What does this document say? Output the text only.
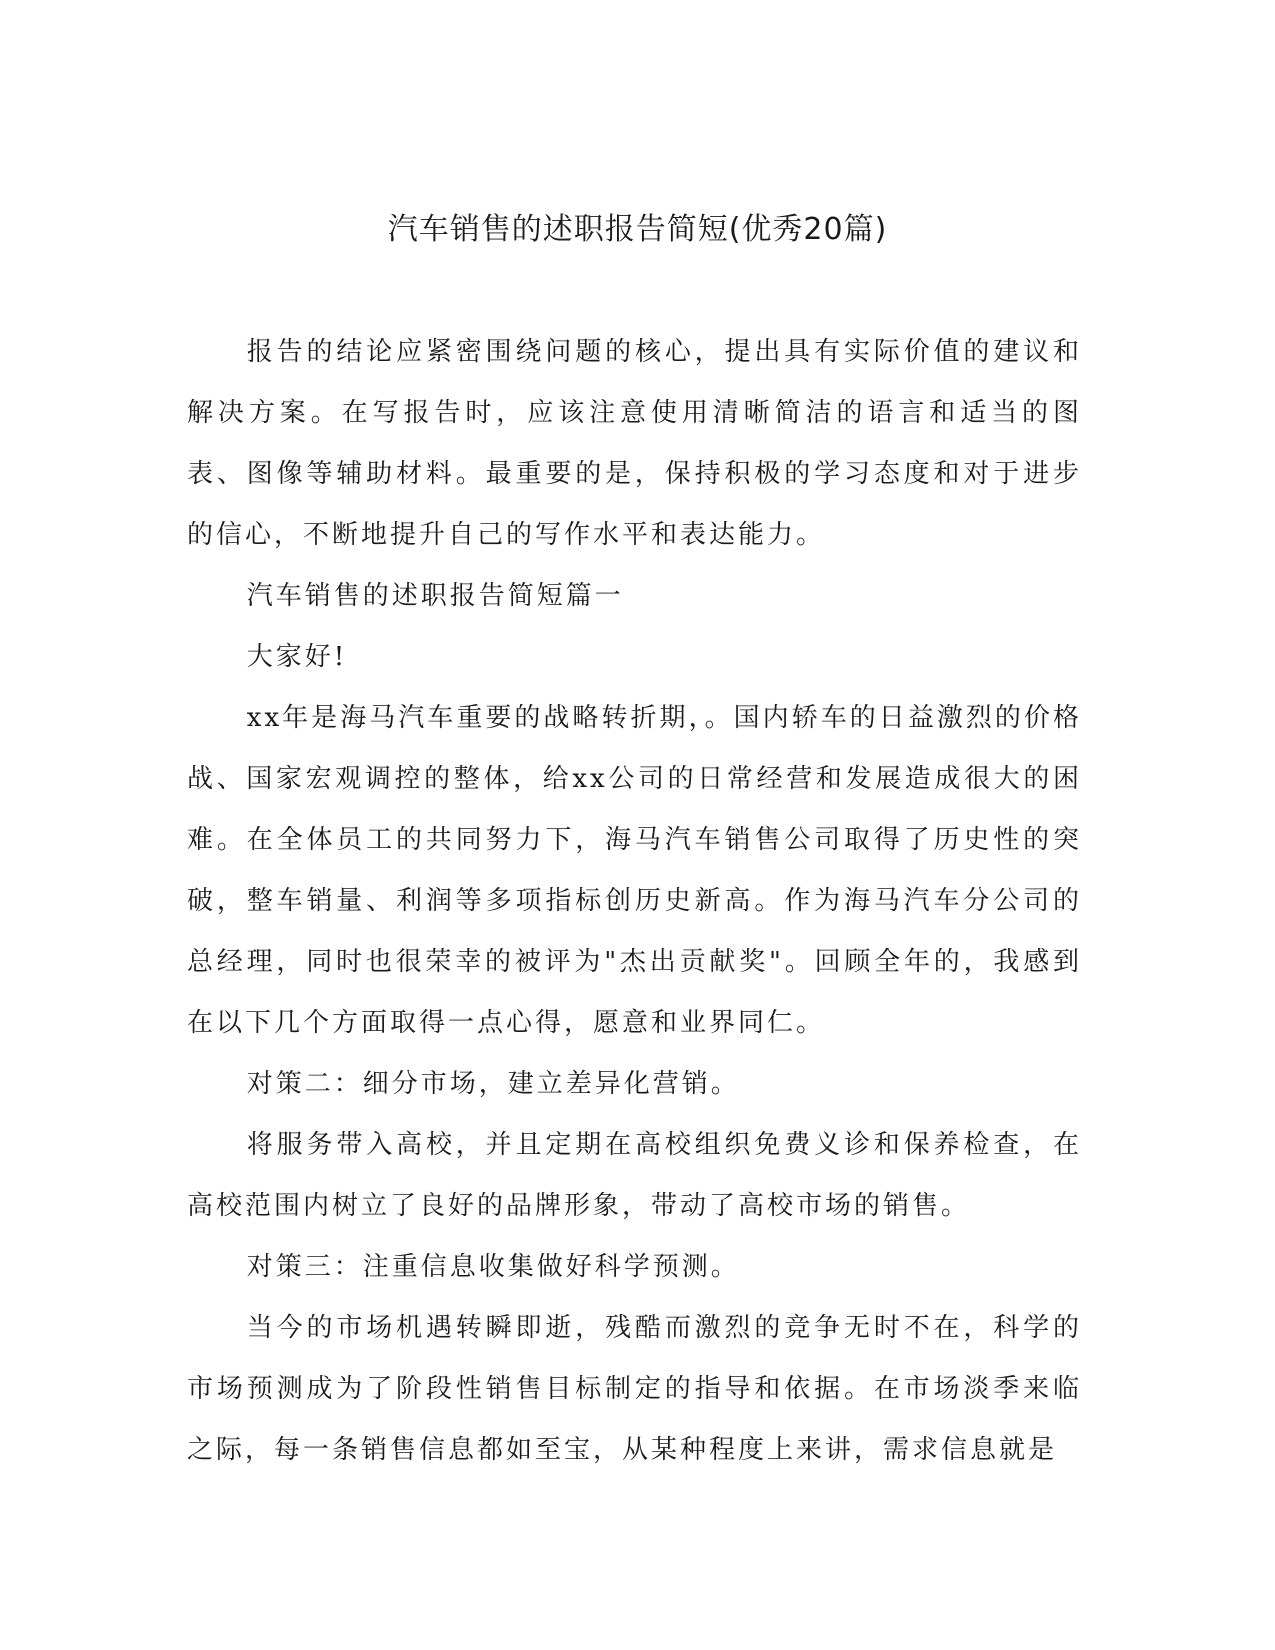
汽车销售的述职报告简短(优秀20篇)

报告的结论应紧密围绕问题的核心，提出具有实际价值的建议和解决方案。在写报告时，应该注意使用清晰简洁的语言和适当的图表、图像等辅助材料。最重要的是，保持积极的学习态度和对于进步的信心，不断地提升自己的写作水平和表达能力。

汽车销售的述职报告简短篇一

大家好!

xx年是海马汽车重要的战略转折期，。国内轿车的日益激烈的价格战、国家宏观调控的整体，给xx公司的日常经营和发展造成很大的困难。在全体员工的共同努力下，海马汽车销售公司取得了历史性的突破，整车销量、利润等多项指标创历史新高。作为海马汽车分公司的总经理，同时也很荣幸的被评为"杰出贡献奖"。回顾全年的，我感到在以下几个方面取得一点心得，愿意和业界同仁。

对策二：细分市场，建立差异化营销。

将服务带入高校，并且定期在高校组织免费义诊和保养检查，在高校范围内树立了良好的品牌形象，带动了高校市场的销售。

对策三：注重信息收集做好科学预测。

当今的市场机遇转瞬即逝，残酷而激烈的竞争无时不在，科学的市场预测成为了阶段性销售目标制定的指导和依据。在市场淡季来临之际，每一条销售信息都如至宝，从某种程度上来讲，需求信息就是
